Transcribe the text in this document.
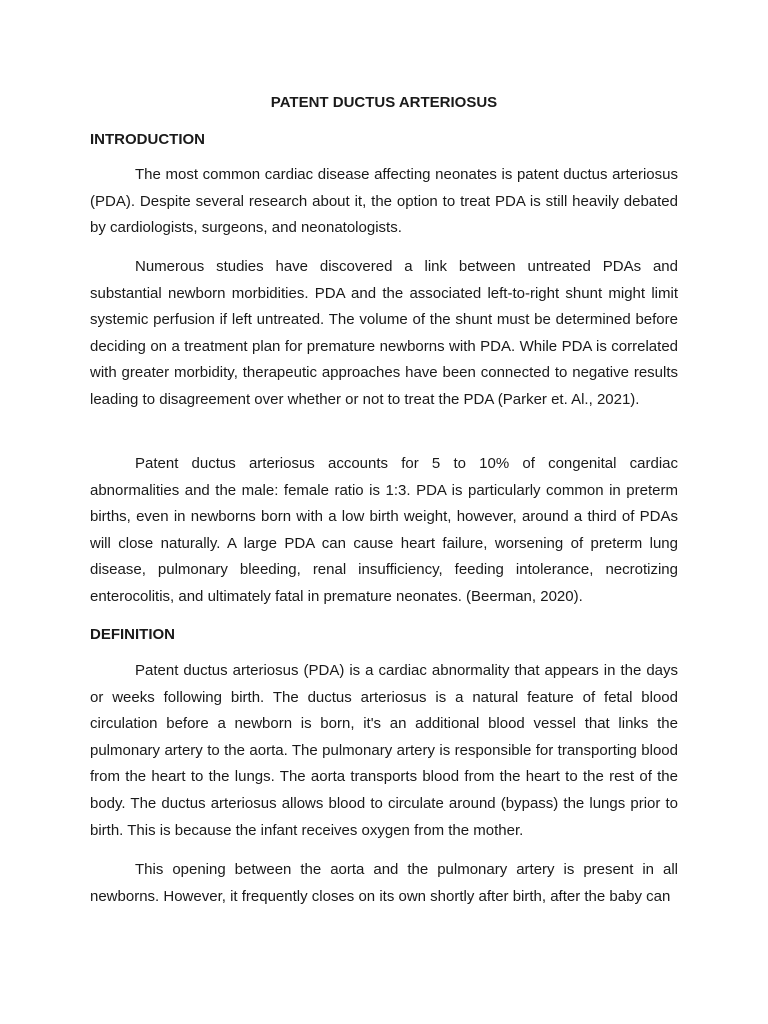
PATENT DUCTUS ARTERIOSUS
INTRODUCTION

The most common cardiac disease affecting neonates is patent ductus arteriosus (PDA). Despite several research about it, the option to treat PDA is still heavily debated by cardiologists, surgeons, and neonatologists.

Numerous studies have discovered a link between untreated PDAs and substantial newborn morbidities. PDA and the associated left-to-right shunt might limit systemic perfusion if left untreated. The volume of the shunt must be determined before deciding on a treatment plan for premature newborns with PDA. While PDA is correlated with greater morbidity, therapeutic approaches have been connected to negative results leading to disagreement over whether or not to treat the PDA (Parker et. Al., 2021).

Patent ductus arteriosus accounts for 5 to 10% of congenital cardiac abnormalities and the male: female ratio is 1:3. PDA is particularly common in preterm births, even in newborns born with a low birth weight, however, around a third of PDAs will close naturally. A large PDA can cause heart failure, worsening of preterm lung disease, pulmonary bleeding, renal insufficiency, feeding intolerance, necrotizing enterocolitis, and ultimately fatal in premature neonates. (Beerman, 2020).

DEFINITION

Patent ductus arteriosus (PDA) is a cardiac abnormality that appears in the days or weeks following birth. The ductus arteriosus is a natural feature of fetal blood circulation before a newborn is born, it's an additional blood vessel that links the pulmonary artery to the aorta. The pulmonary artery is responsible for transporting blood from the heart to the lungs. The aorta transports blood from the heart to the rest of the body. The ductus arteriosus allows blood to circulate around (bypass) the lungs prior to birth. This is because the infant receives oxygen from the mother.

This opening between the aorta and the pulmonary artery is present in all newborns. However, it frequently closes on its own shortly after birth, after the baby can
